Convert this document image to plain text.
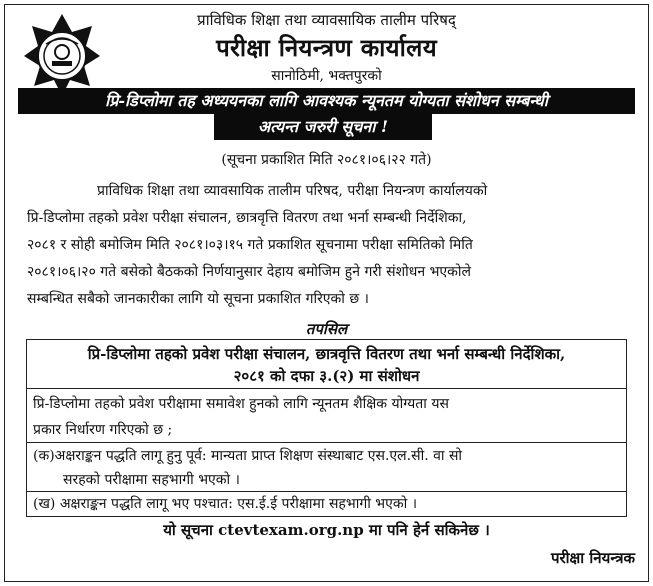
प्राविधिक शिक्षा तथा व्यावसायिक तालीम परिषद्
परीक्षा नियन्त्रण कार्यालय
सानोठिमी, भक्तपुरको
प्रि-डिप्लोमा तह अध्ययनका लागि आवश्यक न्यूनतम योग्यता संशोधन सम्बन्धी
अत्यन्त जरुरी सूचना !
(सूचना प्रकाशित मिति २०८१।०६।२२ गते)
प्राविधिक शिक्षा तथा व्यावसायिक तालीम परिषद, परीक्षा नियन्त्रण कार्यालयको
प्रि-डिप्लोमा तहको प्रवेश परीक्षा संचालन, छात्रवृत्ति वितरण तथा भर्ना सम्बन्धी निर्देशिका,
२०८१ र सोही बमोजिम मिति २०८१।०३।१५ गते प्रकाशित सूचनामा परीक्षा समितिको मिति
२०८१।०६।२० गते बसेको बैठकको निर्णयानुसार देहाय बमोजिम हुने गरी संशोधन भएकोले
सम्बन्धित सबैको जानकारीका लागि यो सूचना प्रकाशित गरिएको छ ।
तपसिल
प्रि-डिप्लोमा तहको प्रवेश परीक्षा संचालन, छात्रवृत्ति वितरण तथा भर्ना सम्बन्धी निर्देशिका,
२०८१ को दफा ३.(२) मा संशोधन
प्रि-डिप्लोमा तहको प्रवेश परीक्षामा समावेश हुनको लागि न्यूनतम शैक्षिक योग्यता यस
प्रकार निर्धारण गरिएको छ ;
(क)अक्षराङ्कन पद्धति लागू हुनु पूर्व: मान्यता प्राप्त शिक्षण संस्थाबाट एस.एल.सी. वा सो
सरहको परीक्षामा सहभागी भएको ।
(ख) अक्षराङ्कन पद्धति लागू भए पश्चात: एस.ई.ई परीक्षामा सहभागी भएको ।
यो सूचना ctevtexam.org.np मा पनि हेर्न सकिनेछ ।
परीक्षा नियन्त्रक
